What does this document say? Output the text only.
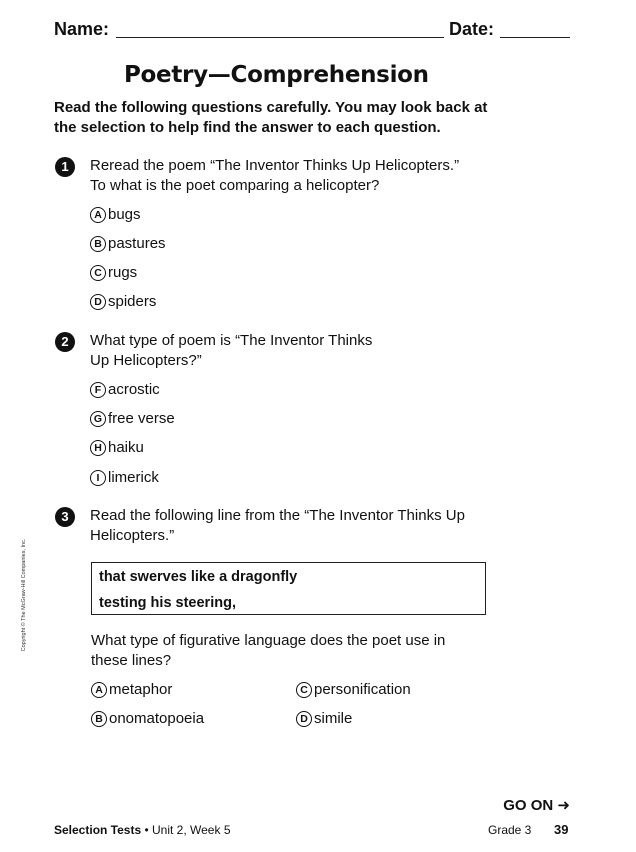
Name:	Date:
Poetry—Comprehension
Read the following questions carefully. You may look back at the selection to help find the answer to each question.
1	Reread the poem “The Inventor Thinks Up Helicopters.”
To what is the poet comparing a helicopter?
A bugs
B pastures
C rugs
D spiders
2	What type of poem is “The Inventor Thinks
Up Helicopters?”
F acrostic
G free verse
H haiku
I limerick
3	Read the following line from the “The Inventor Thinks Up
Helicopters.”
that swerves like a dragonfly
testing his steering,
What type of figurative language does the poet use in
these lines?
A metaphor
B onomatopoeia
C personification
D simile
Copyright © The McGraw-Hill Companies, Inc.
GO ON ➜
Selection Tests • Unit 2, Week 5	Grade 3 39
